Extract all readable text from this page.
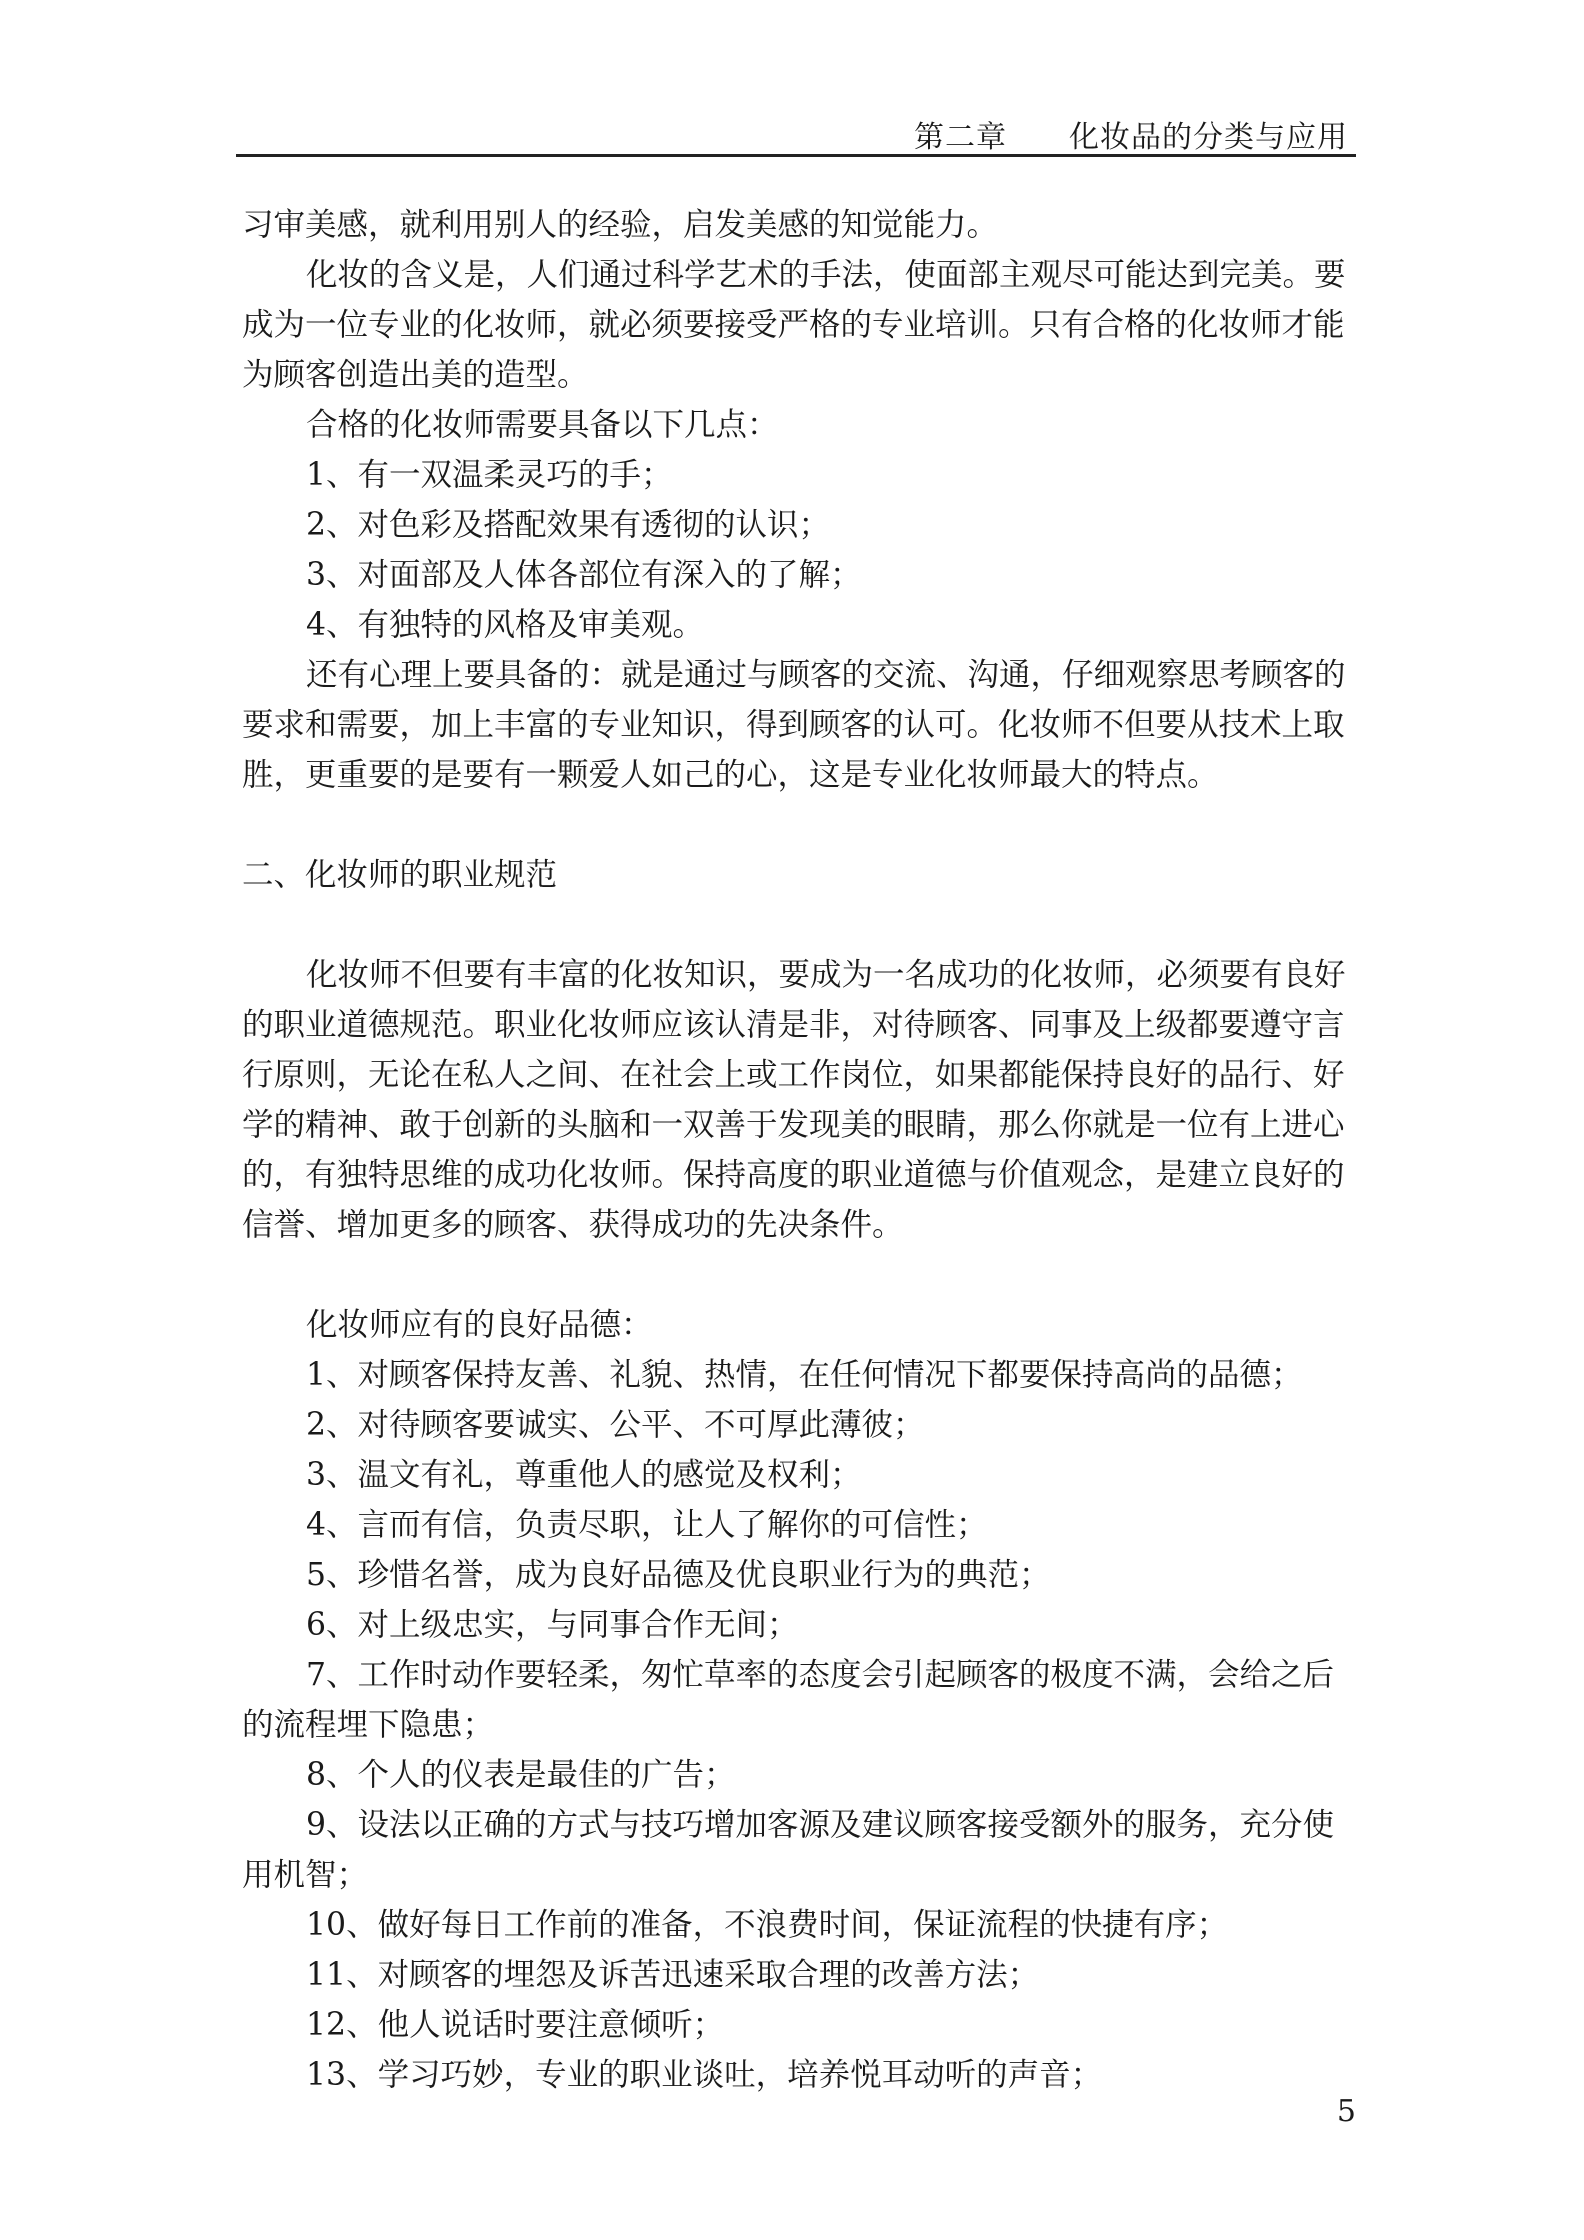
第二章　　 化妆品的分类与应用
习审美感，就利用别人的经验，启发美感的知觉能力。
化妆的含义是，人们通过科学艺术的手法，使面部主观尽可能达到完美。要
成为一位专业的化妆师，就必须要接受严格的专业培训。只有合格的化妆师才能
为顾客创造出美的造型。
合格的化妆师需要具备以下几点：
1、有一双温柔灵巧的手；
2、对色彩及搭配效果有透彻的认识；
3、对面部及人体各部位有深入的了解；
4、有独特的风格及审美观。
还有心理上要具备的：就是通过与顾客的交流、沟通，仔细观察思考顾客的
要求和需要，加上丰富的专业知识，得到顾客的认可。化妆师不但要从技术上取
胜，更重要的是要有一颗爱人如己的心，这是专业化妆师最大的特点。
二、化妆师的职业规范
化妆师不但要有丰富的化妆知识，要成为一名成功的化妆师，必须要有良好
的职业道德规范。职业化妆师应该认清是非，对待顾客、同事及上级都要遵守言
行原则，无论在私人之间、在社会上或工作岗位，如果都能保持良好的品行、好
学的精神、敢于创新的头脑和一双善于发现美的眼睛，那么你就是一位有上进心
的，有独特思维的成功化妆师。保持高度的职业道德与价值观念，是建立良好的
信誉、增加更多的顾客、获得成功的先决条件。
化妆师应有的良好品德：
1、对顾客保持友善、礼貌、热情，在任何情况下都要保持高尚的品德；
2、对待顾客要诚实、公平、不可厚此薄彼；
3、温文有礼，尊重他人的感觉及权利；
4、言而有信，负责尽职，让人了解你的可信性；
5、珍惜名誉，成为良好品德及优良职业行为的典范；
6、对上级忠实，与同事合作无间；
7、工作时动作要轻柔，匆忙草率的态度会引起顾客的极度不满，会给之后
的流程埋下隐患；
8、个人的仪表是最佳的广告；
9、设法以正确的方式与技巧增加客源及建议顾客接受额外的服务，充分使
用机智；
10、做好每日工作前的准备，不浪费时间，保证流程的快捷有序；
11、对顾客的埋怨及诉苦迅速采取合理的改善方法；
12、他人说话时要注意倾听；
13、学习巧妙，专业的职业谈吐，培养悦耳动听的声音；
5
